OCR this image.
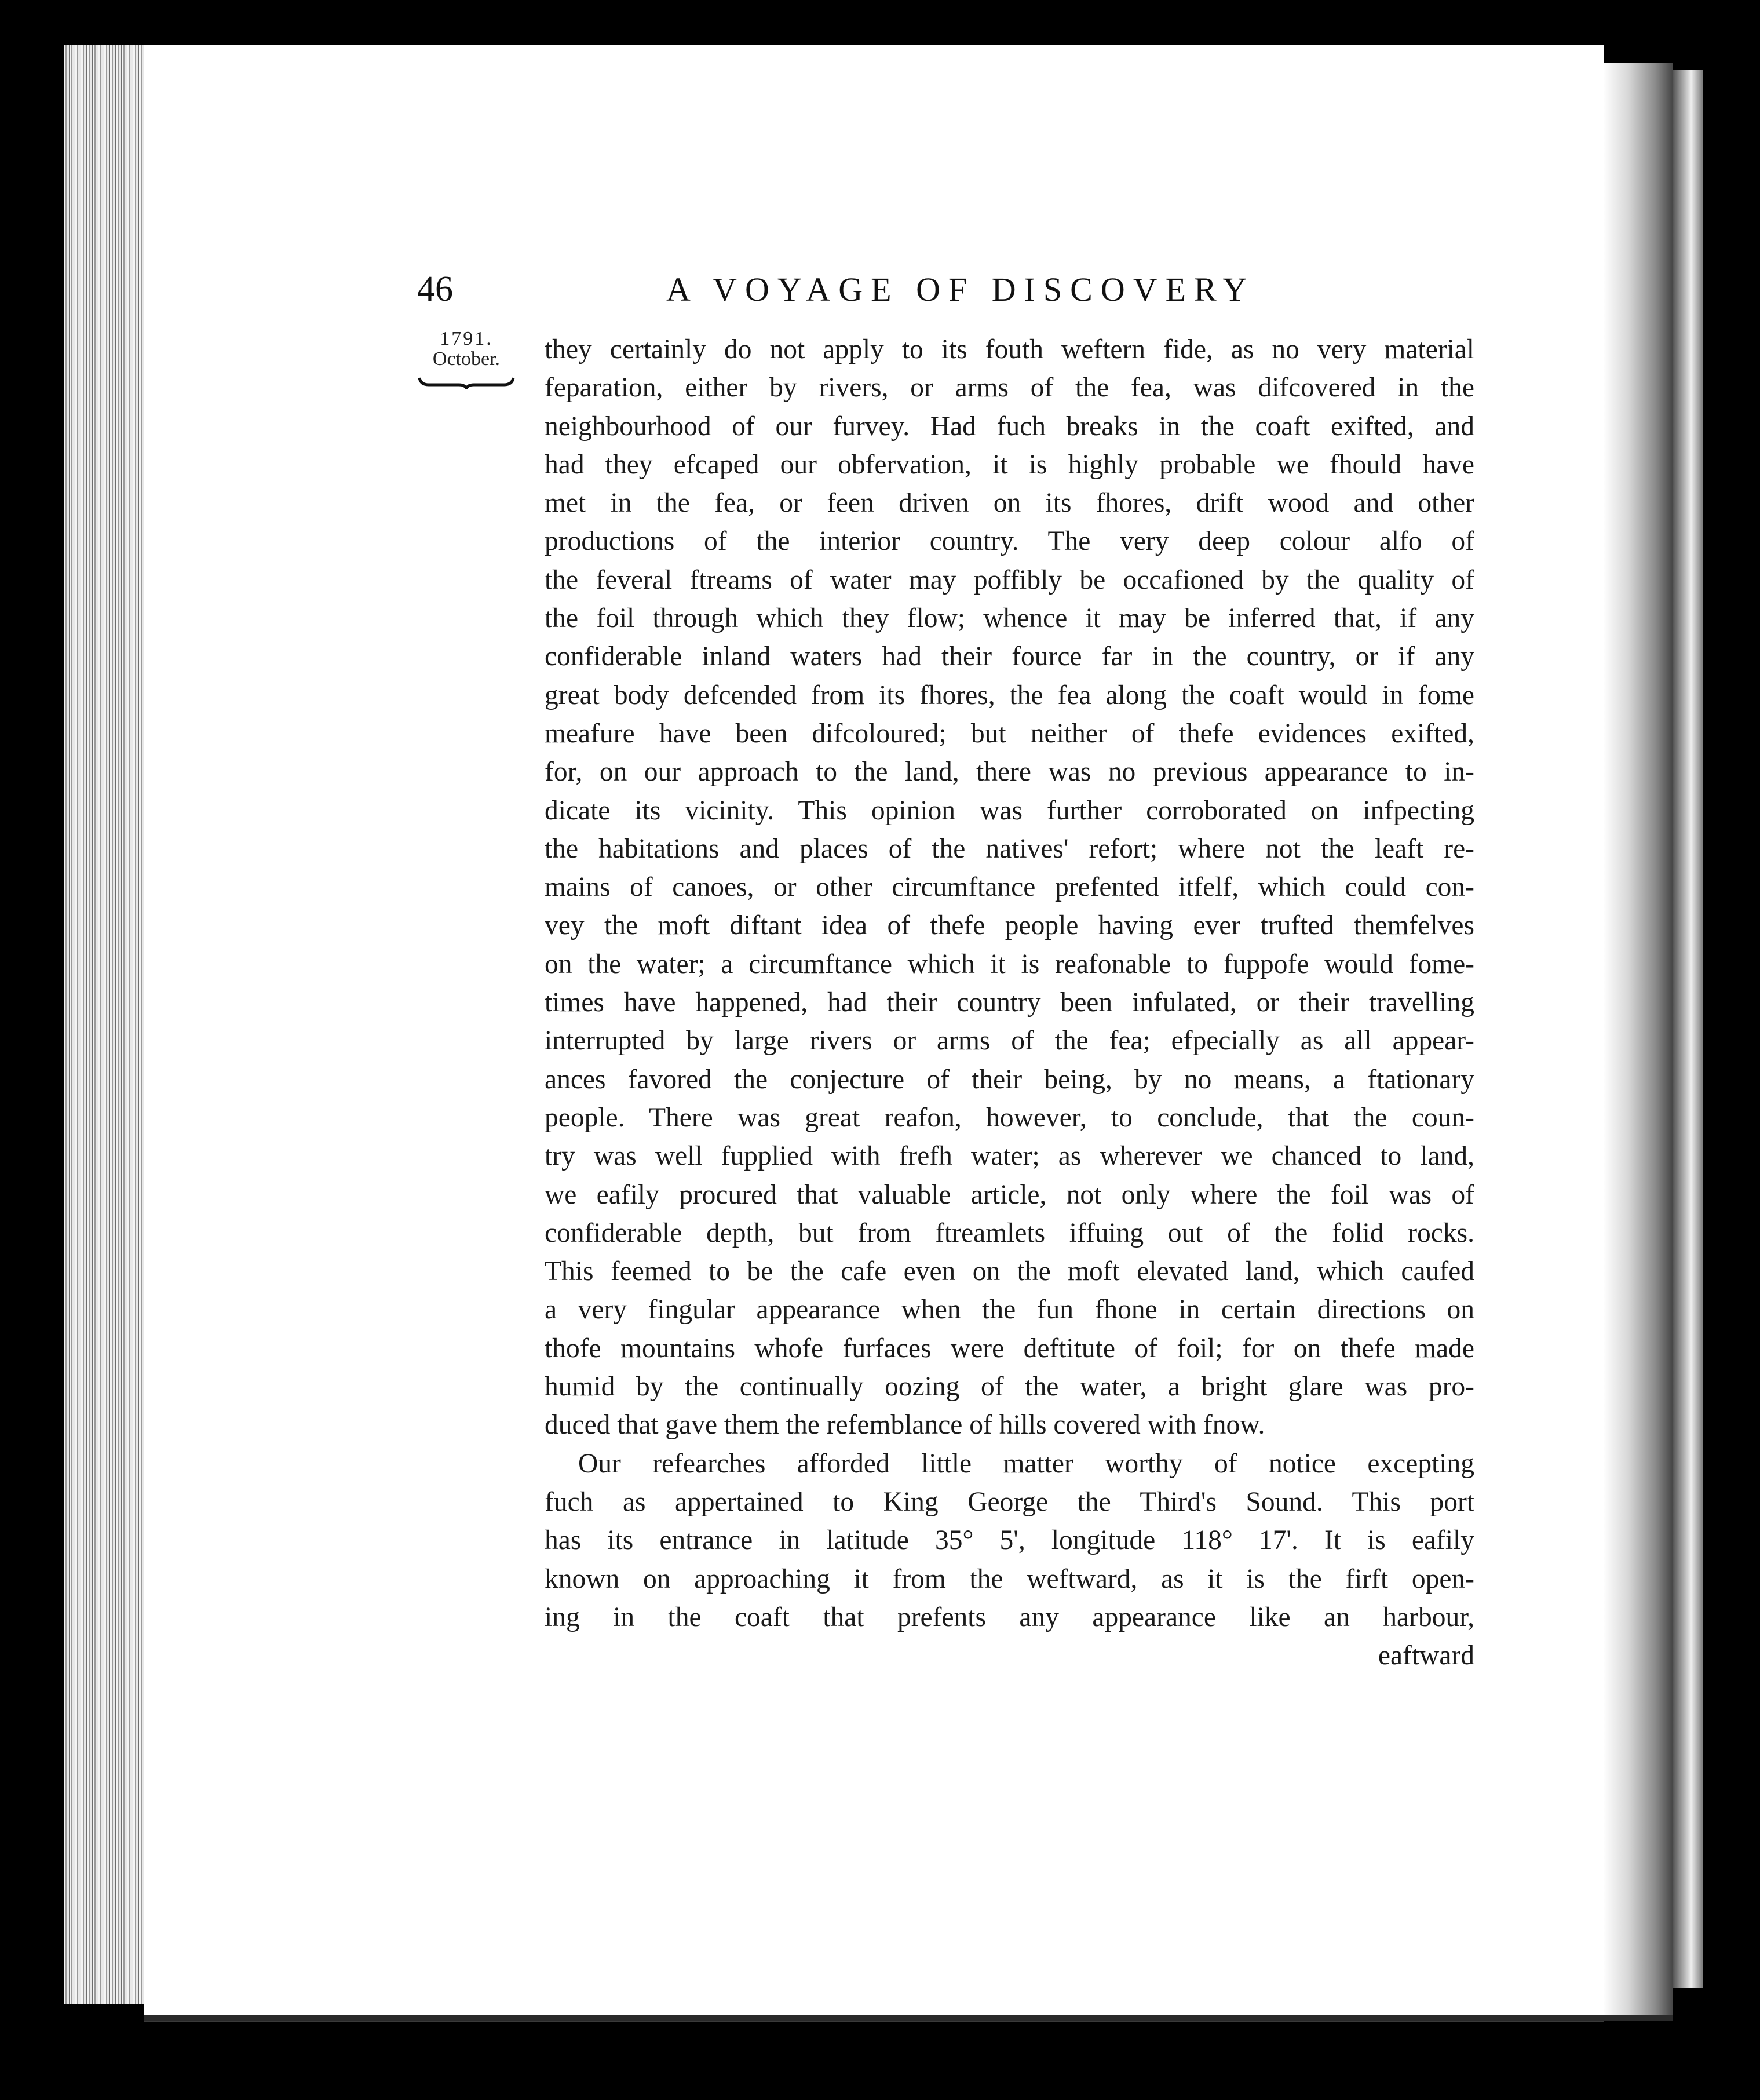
46	A VOYAGE OF DISCOVERY
1791.
October.	they certainly do not apply to its fouth weftern fide, as no very material
feparation, either by rivers, or arms of the fea, was difcovered in the
neighbourhood of our furvey. Had fuch breaks in the coaft exifted, and
had they efcaped our obfervation, it is highly probable we fhould have
met in the fea, or feen driven on its fhores, drift wood and other
productions of the interior country. The very deep colour alfo of
the feveral ftreams of water may poffibly be occafioned by the quality of
the foil through which they flow; whence it may be inferred that, if any
confiderable inland waters had their fource far in the country, or if any
great body defcended from its fhores, the fea along the coaft would in fome
meafure have been difcoloured; but neither of thefe evidences exifted,
for, on our approach to the land, there was no previous appearance to in-
dicate its vicinity. This opinion was further corroborated on infpecting
the habitations and places of the natives' refort; where not the leaft re-
mains of canoes, or other circumftance prefented itfelf, which could con-
vey the moft diftant idea of thefe people having ever trufted themfelves
on the water; a circumftance which it is reafonable to fuppofe would fome-
times have happened, had their country been infulated, or their travelling
interrupted by large rivers or arms of the fea; efpecially as all appear-
ances favored the conjecture of their being, by no means, a ftationary
people. There was great reafon, however, to conclude, that the coun-
try was well fupplied with frefh water; as wherever we chanced to land,
we eafily procured that valuable article, not only where the foil was of
confiderable depth, but from ftreamlets iffuing out of the folid rocks.
This feemed to be the cafe even on the moft elevated land, which caufed
a very fingular appearance when the fun fhone in certain directions on
thofe mountains whofe furfaces were deftitute of foil; for on thefe made
humid by the continually oozing of the water, a bright glare was pro-
duced that gave them the refemblance of hills covered with fnow.
Our refearches afforded little matter worthy of notice excepting
fuch as appertained to King George the Third's Sound. This port
has its entrance in latitude 35° 5', longitude 118° 17'. It is eafily
known on approaching it from the weftward, as it is the firft open-
ing in the coaft that prefents any appearance like an harbour,
eaftward
